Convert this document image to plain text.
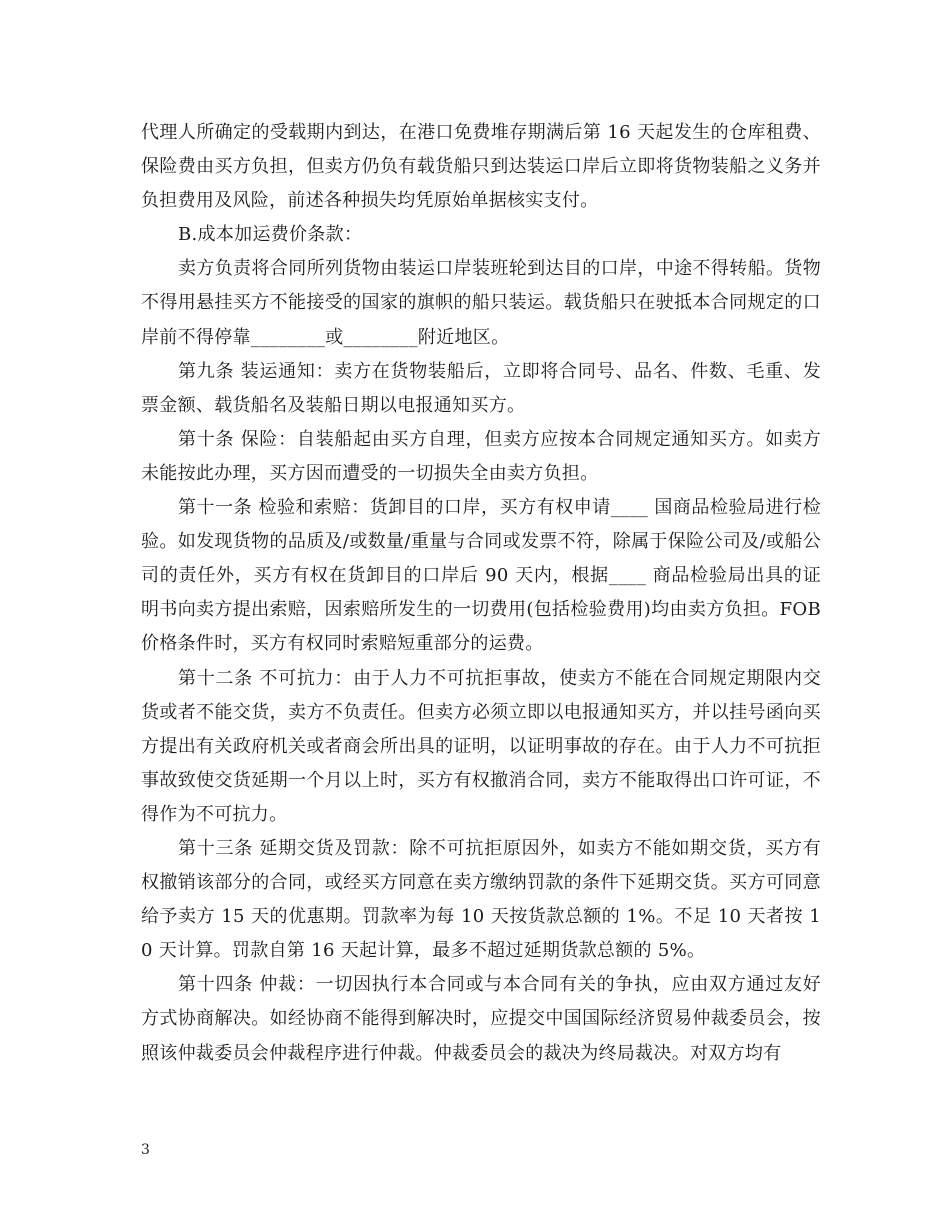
代理人所确定的受载期内到达，在港口免费堆存期满后第 16 天起发生的仓库租费、保险费由买方负担，但卖方仍负有载货船只到达装运口岸后立即将货物装船之义务并负担费用及风险，前述各种损失均凭原始单据核实支付。

B.成本加运费价条款：

卖方负责将合同所列货物由装运口岸装班轮到达目的口岸，中途不得转船。货物不得用悬挂买方不能接受的国家的旗帜的船只装运。载货船只在驶抵本合同规定的口岸前不得停靠________或________附近地区。

第九条 装运通知：卖方在货物装船后，立即将合同号、品名、件数、毛重、发票金额、载货船名及装船日期以电报通知买方。

第十条 保险：自装船起由买方自理，但卖方应按本合同规定通知买方。如卖方未能按此办理，买方因而遭受的一切损失全由卖方负担。

第十一条 检验和索赔：货卸目的口岸，买方有权申请____ 国商品检验局进行检验。如发现货物的品质及/或数量/重量与合同或发票不符，除属于保险公司及/或船公司的责任外，买方有权在货卸目的口岸后 90 天内，根据____ 商品检验局出具的证明书向卖方提出索赔，因索赔所发生的一切费用(包括检验费用)均由卖方负担。FOB 价格条件时，买方有权同时索赔短重部分的运费。

第十二条 不可抗力：由于人力不可抗拒事故，使卖方不能在合同规定期限内交货或者不能交货，卖方不负责任。但卖方必须立即以电报通知买方，并以挂号函向买方提出有关政府机关或者商会所出具的证明，以证明事故的存在。由于人力不可抗拒事故致使交货延期一个月以上时，买方有权撤消合同，卖方不能取得出口许可证，不得作为不可抗力。

第十三条 延期交货及罚款：除不可抗拒原因外，如卖方不能如期交货，买方有权撤销该部分的合同，或经买方同意在卖方缴纳罚款的条件下延期交货。买方可同意给予卖方 15 天的优惠期。罚款率为每 10 天按货款总额的 1%。不足 10 天者按 10 天计算。罚款自第 16 天起计算，最多不超过延期货款总额的 5%。

第十四条 仲裁：一切因执行本合同或与本合同有关的争执，应由双方通过友好方式协商解决。如经协商不能得到解决时，应提交中国国际经济贸易仲裁委员会，按照该仲裁委员会仲裁程序进行仲裁。仲裁委员会的裁决为终局裁决。对双方均有

3
